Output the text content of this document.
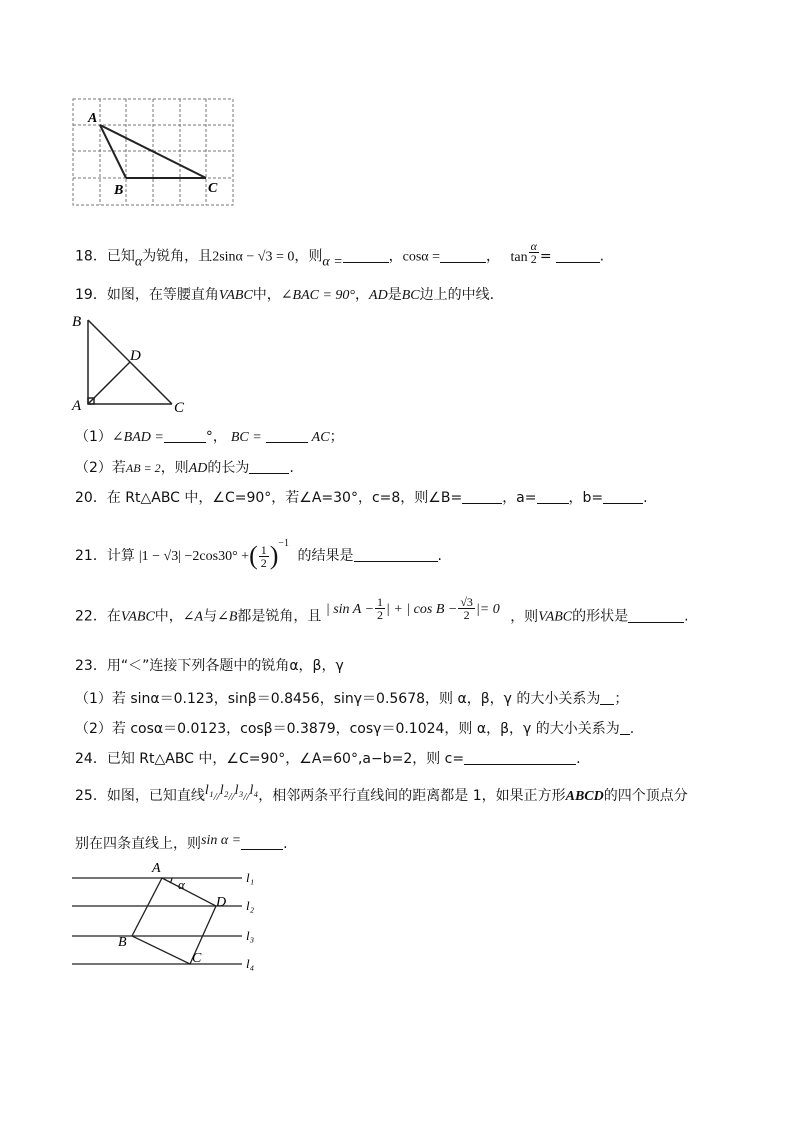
A
B	C
18．已知α为锐角，且2sinα − √3 = 0，则α =	，cosα =	， $\tan \frac{\alpha}{2}$ =	.
19．如图，在等腰直角VABC中，∠BAC = 90°，AD是BC边上的中线.
B
D
A	C
（1）∠BAD =	°， BC =	AC；
（2）若AB = 2，则AD的长为	.
20．在 Rt△ABC 中，∠C=90°，若∠A=30°，c=8，则∠B=	，a= ，b=	.
21．计算 |1 − √3| −2cos30° +( $\frac{1}{2} )^{-1}$ 的结果是	.
22．在VABC中，∠A与∠B都是锐角，且 | $\sin A - \frac{1}{2}$ | + | $\cos B - \frac{√3}{2}$ |= 0 ，则VABC的形状是	.
23．用“＜”连接下列各题中的锐角α，β，γ
（1）若 sinα＝0.123，sinβ＝0.8456，sinγ＝0.5678，则 α，β，γ 的大小关系为 ；
（2）若 cosα＝0.0123，cosβ＝0.3879，cosγ＝0.1024，则 α，β，γ 的大小关系为 .
24．已知 Rt△ABC 中，∠C=90°，∠A=60°,a−b=2，则 c=	.
25．如图，已知直线l₁//l₂//l₃//l₄，相邻两条平行直线间的距离都是 1，如果正方形ABCD的四个顶点分
别在四条直线上，则sin α =	.
A
α
D
B
C
l₁
l₂
l₃
l₄
